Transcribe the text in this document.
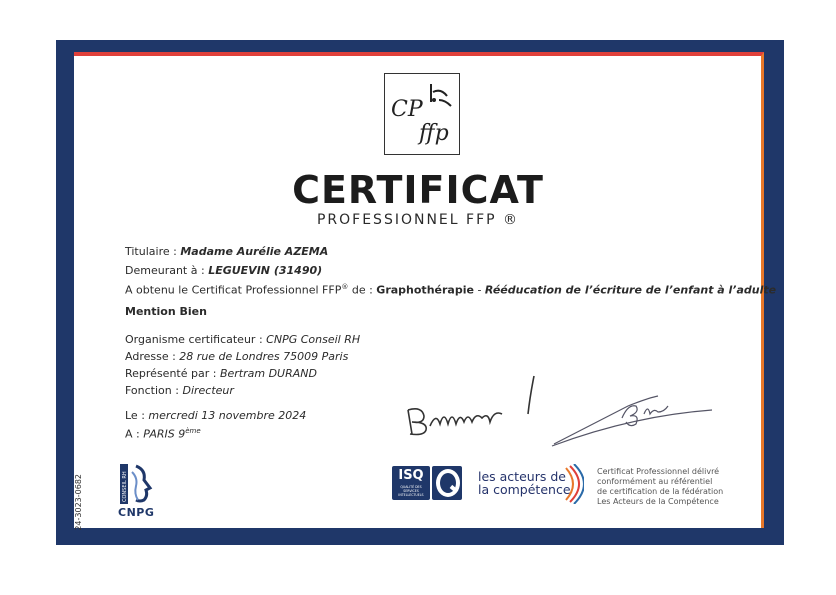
CP
ffp
CERTIFICAT
PROFESSIONNEL FFP ®
Titulaire : Madame Aurélie AZEMA
Demeurant à : LEGUEVIN (31490)
A obtenu le Certificat Professionnel FFP® de : Graphothérapie - Rééducation de l’écriture de l’enfant à l’adulte
Mention Bien
Organisme certificateur : CNPG Conseil RH
Adresse : 28 rue de Londres 75009 Paris
Représenté par : Bertram DURAND
Fonction : Directeur
Le : mercredi 13 novembre 2024
A : PARIS 9ème
24-3023-0682	CONSEIL RH
CNPG
ISQ
QUALITÉ DES SERVICES INTELLECTUELS
les acteurs de
la compétence
Certificat Professionnel délivré
conformément au référentiel
de certification de la fédération
Les Acteurs de la Compétence
